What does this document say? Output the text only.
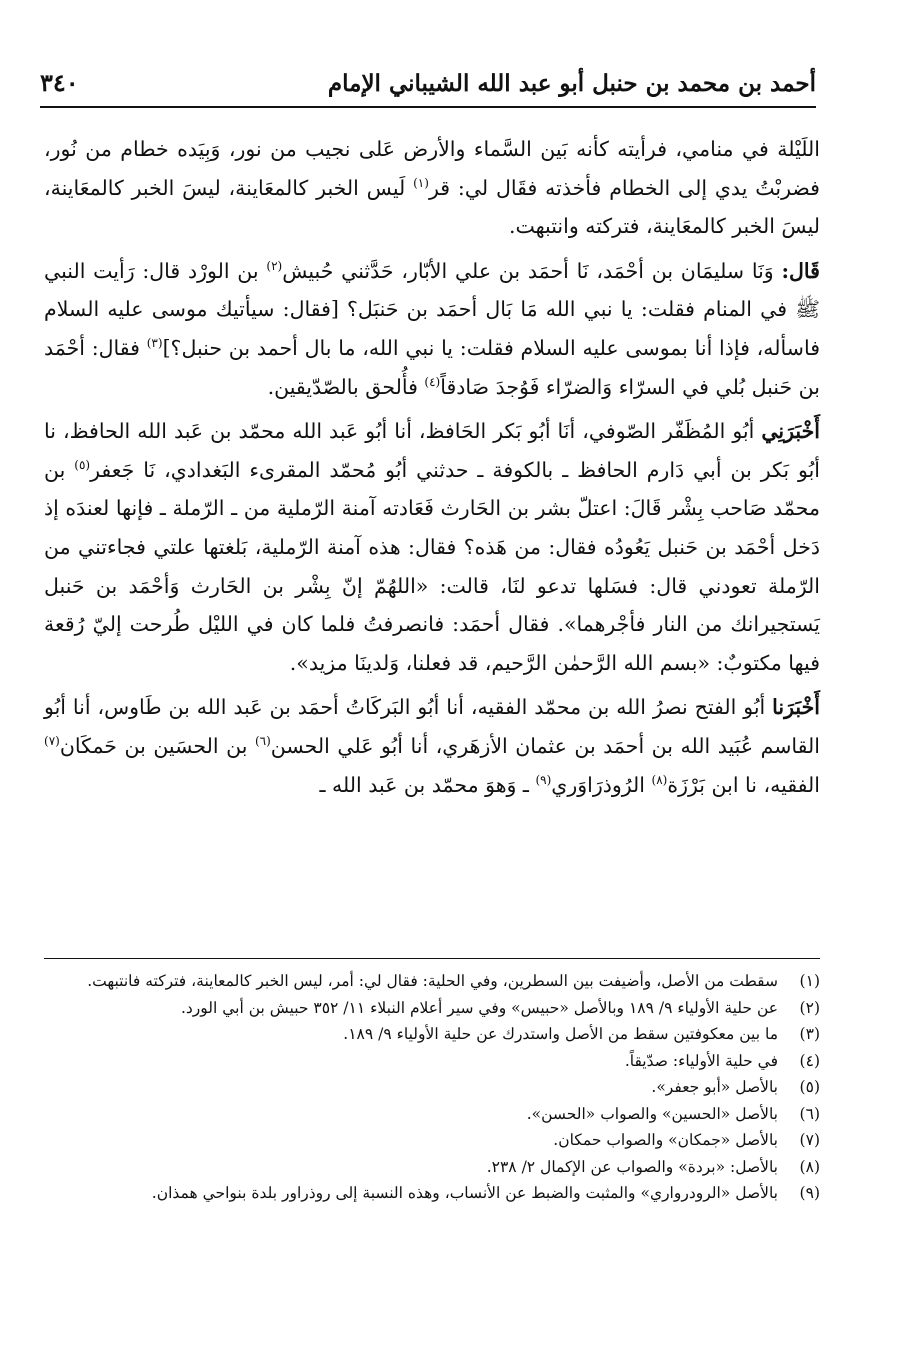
أحمد بن محمد بن حنبل أبو عبد الله الشيباني الإمام
٣٤٠

اللَيْلة في منامي، فرأيته كأنه بَين السَّماء والأرض عَلى نجيب من نور، وَبِيَده خطام من نُور، فضربْتُ يدي إلى الخطام فأخذته فقَال لي: قر$^{(١)}$ لَيس الخبر كالمعَاينة، ليسَ الخبر كالمعَاينة، ليسَ الخبر كالمعَاينة، فتركته وانتبهت.

قَال: وَنَا سليمَان بن أحْمَد، نَا أحمَد بن علي الأبّار، حَدَّثني حُبيش$^{(٢)}$ بن الورْد قال: رَأيت النبي ﷺ في المنام فقلت: يا نبي الله مَا بَال أحمَد بن حَنبَل؟ [فقال: سيأتيك موسى عليه السلام فاسأله، فإذا أنا بموسى عليه السلام فقلت: يا نبي الله، ما بال أحمد بن حنبل؟]$^{(٣)}$ فقال: أحْمَد بن حَنبل بُلي في السرّاء وَالضرّاء فَوُجدَ صَادقاً$^{(٤)}$ فأُلحق بالصّدّيقين.

أَخْبَرَنِي أبُو المُظَفّر الصّوفي، أنَا أبُو بَكر الحَافظ، أنا أبُو عَبد الله محمّد بن عَبد الله الحافظ، نا أبُو بَكر بن أبي دَارم الحافظ ـ بالكوفة ـ حدثني أبُو مُحمّد المقرىء البَغدادي، نَا جَعفر$^{(٥)}$ بن محمّد صَاحب بِشْر قَالَ: اعتلّ بشر بن الحَارث فَعَادته آمنة الرّملية من ـ الرّملة ـ فإنها لعندَه إذ دَخل أحْمَد بن حَنبل يَعُودُه فقال: من هَذه؟ فقال: هذه آمنة الرّملية، بَلغتها علتي فجاءتني من الرّملة تعودني قال: فسَلها تدعو لنَا، قالت: «اللهُمّ إنّ بِشْر بن الحَارث وَأحْمَد بن حَنبل يَستجيرانك من النار فأجْرهما». فقال أحمَد: فانصرفتُ فلما كان في الليْل طُرحت إليّ رُقعة فيها مكتوبٌ: «بسم الله الرَّحمٰن الرَّحيم، قد فعلنا، وَلدينَا مزيد».

أَخْبَرَنا أبُو الفتح نصرُ الله بن محمّد الفقيه، أنا أبُو البَركَاتُ أحمَد بن عَبد الله بن طَاوس، أنا أبُو القاسم عُبَيد الله بن أحمَد بن عثمان الأزهَري، أنا أبُو عَلي الحسن$^{(٦)}$ بن الحسَين بن حَمكَان$^{(٧)}$ الفقيه، نا ابن بَرْزَة$^{(٨)}$ الرُوذرَاوَري$^{(٩)}$ ـ وَهوَ محمّد بن عَبد الله ـ

(١)
سقطت من الأصل، وأضيفت بين السطرين، وفي الحلية: فقال لي: أمر، ليس الخبر كالمعاينة، فتركته فانتبهت.
(٢)
عن حلية الأولياء ٩/ ١٨٩ وبالأصل «حبيس» وفي سير أعلام النبلاء ١١/ ٣٥٢ حبيش بن أبي الورد.
(٣)
ما بين معكوفتين سقط من الأصل واستدرك عن حلية الأولياء ٩/ ١٨٩.
(٤)
في حلية الأولياء: صدّيقاً.
(٥)
بالأصل «أبو جعفر».
(٦)
بالأصل «الحسين» والصواب «الحسن».
(٧)
بالأصل «جمكان» والصواب حمكان.
(٨)
بالأصل: «بردة» والصواب عن الإكمال ٢/ ٢٣٨.
(٩)
بالأصل «الرودرواري» والمثبت والضبط عن الأنساب، وهذه النسبة إلى روذراور بلدة بنواحي همذان.
